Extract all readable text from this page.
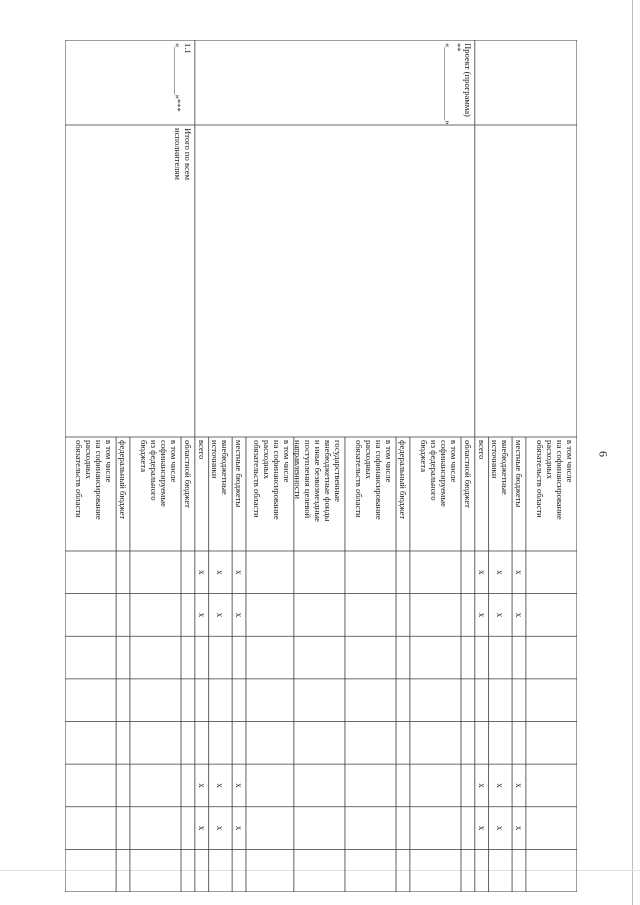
6
в том числе
на софинансирование
расходных
обязательств области
местные бюджеты
х
х
х
х
внебюджетные
источники
х
х
х
х
всего
х
х
х
х
областной бюджет
в том числе
софинансируемые
из федерального
бюджета
федеральный бюджет
в том числе
на софинансирование
расходных
обязательств области
государственные
внебюджетные фонды
и иные безвозмездные
поступления целевой
направленности
в том числе
на софинансирование
расходных
обязательств области
местные бюджеты
х
х
х
х
внебюджетные
источники
х
х
х
х
всего
х
х
х
х
областной бюджет
в том числе
софинансируемые
из федерального
бюджета
федеральный бюджет
в том числе
на софинансирование
расходных
обязательств области
Проект (программа) **
«_________________»
1.1 «___________»***
Итого по всем исполнителям
